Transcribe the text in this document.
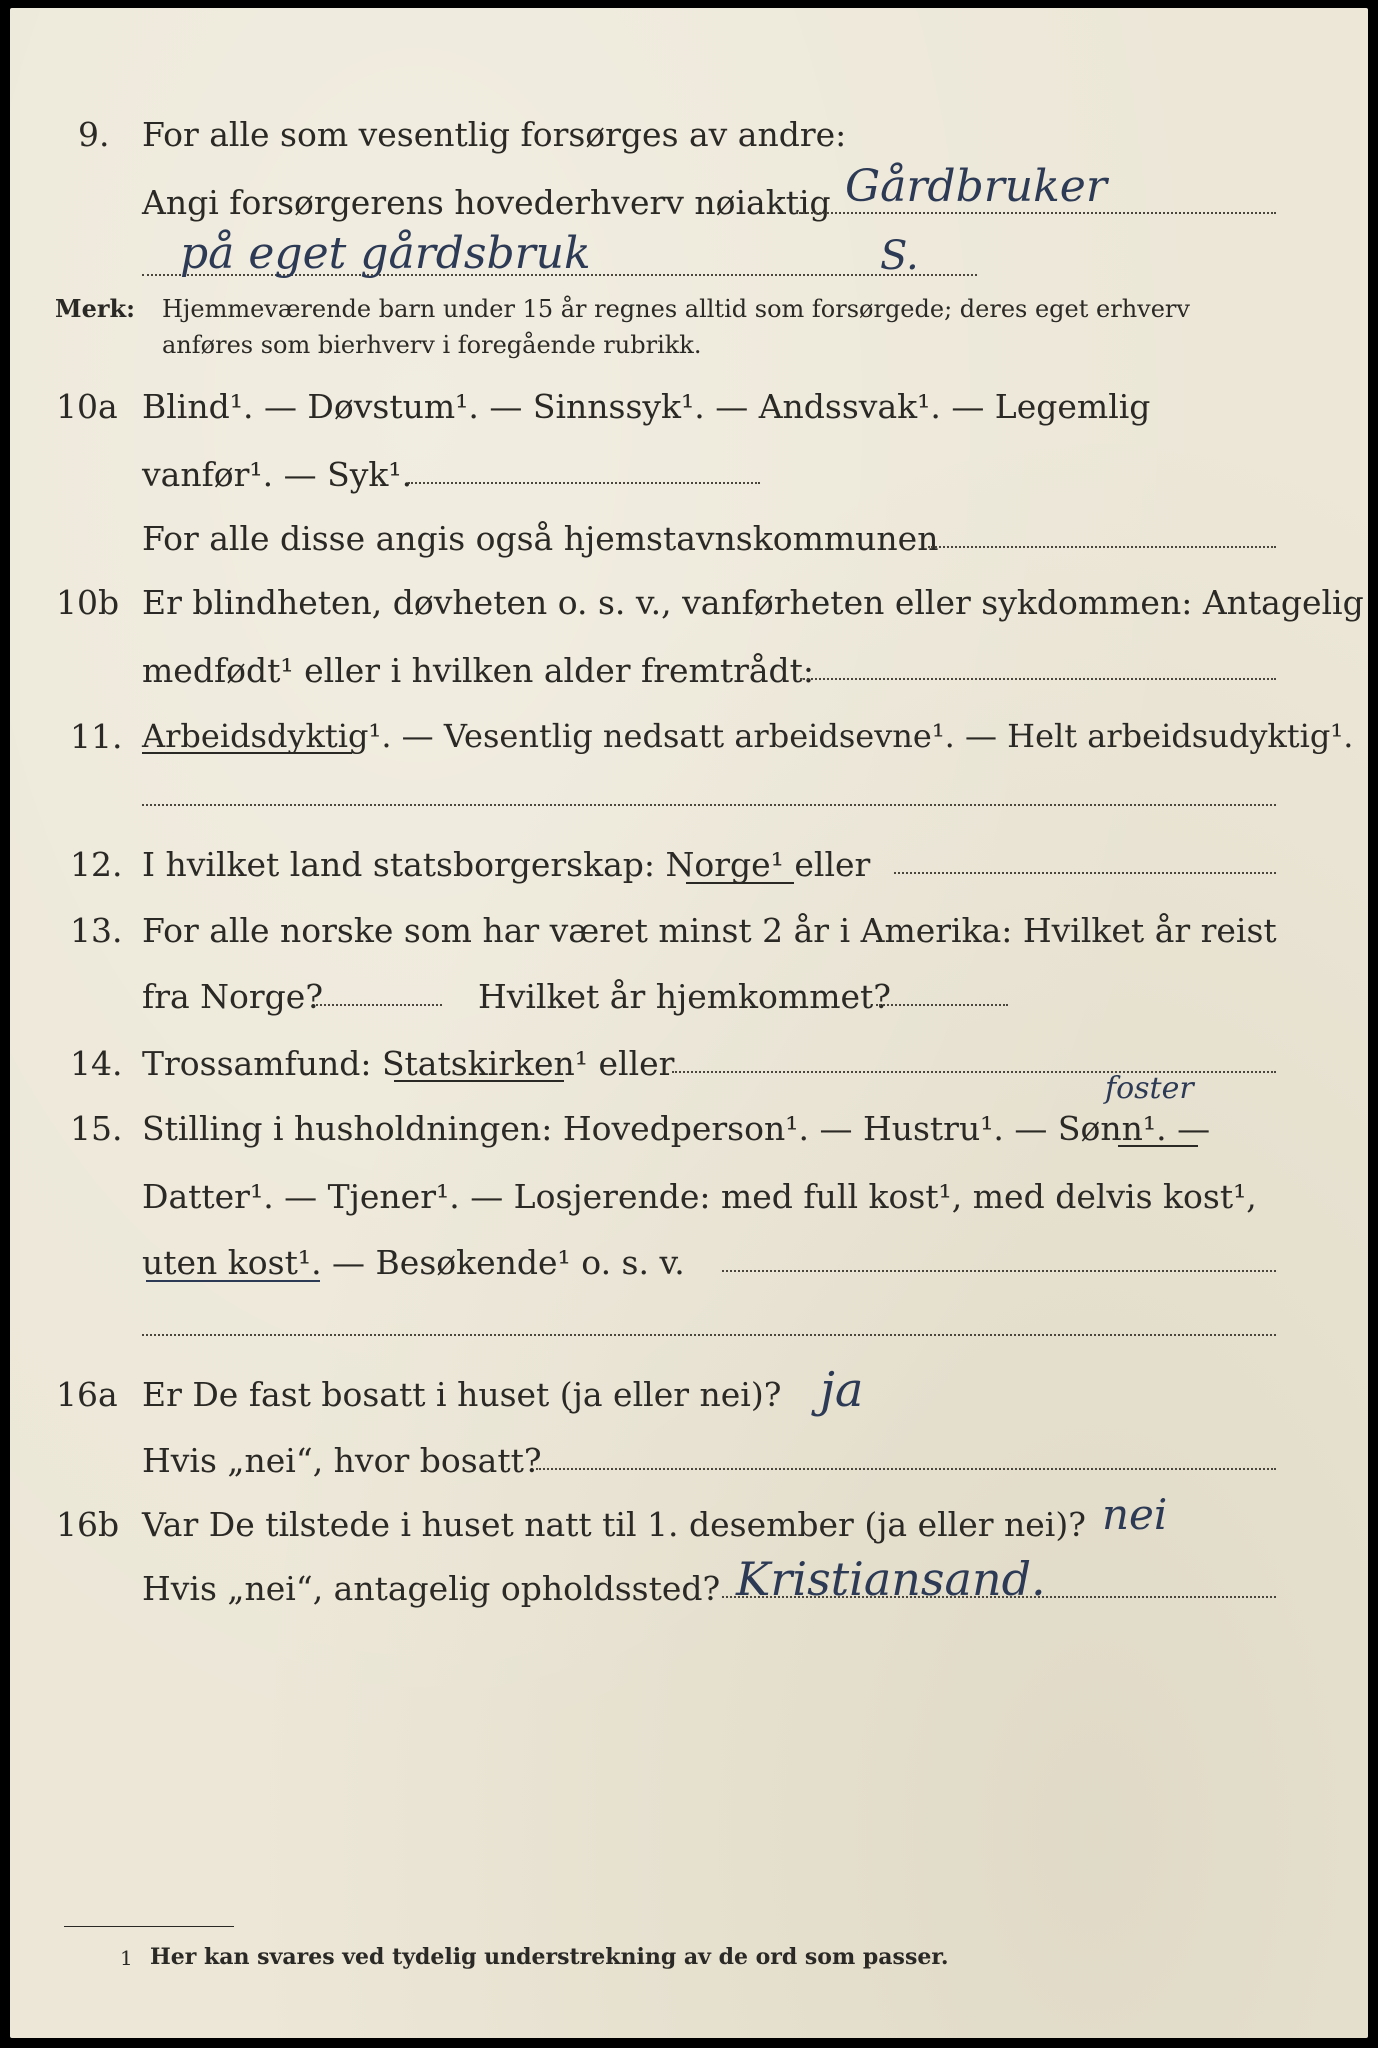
9. For alle som vesentlig forsørges av andre:
Angi forsørgerens hovederhverv nøiaktig Gårdbruker
på eget gårdsbruk	S.
Merk: Hjemmeværende barn under 15 år regnes alltid som forsørgede; deres eget erhverv
anføres som bierhverv i foregående rubrikk.
10a Blind¹. — Døvstum¹. — Sinnssyk¹. — Andssvak¹. — Legemlig
vanfør¹. — Syk¹.
For alle disse angis også hjemstavnskommunen
10b Er blindheten, døvheten o. s. v., vanførheten eller sykdommen: Antagelig
medfødt¹ eller i hvilken alder fremtrådt:
11. Arbeidsdyktig¹. — Vesentlig nedsatt arbeidsevne¹. — Helt arbeidsudyktig¹.
12. I hvilket land statsborgerskap: Norge¹ eller
13. For alle norske som har været minst 2 år i Amerika: Hvilket år reist
fra Norge?	Hvilket år hjemkommet?
14. Trossamfund: Statskirken¹ eller
15. Stilling i husholdningen: Hovedperson¹. — Hustru¹. — Sønn¹. —
foster
Datter¹. — Tjener¹. — Losjerende: med full kost¹, med delvis kost¹,
uten kost¹. — Besøkende¹ o. s. v.
16a Er De fast bosatt i huset (ja eller nei)? ja
Hvis „nei“, hvor bosatt?
16b Var De tilstede i huset natt til 1. desember (ja eller nei)? nei
Hvis „nei“, antagelig opholdssted? Kristiansand.
1 Her kan svares ved tydelig understrekning av de ord som passer.
